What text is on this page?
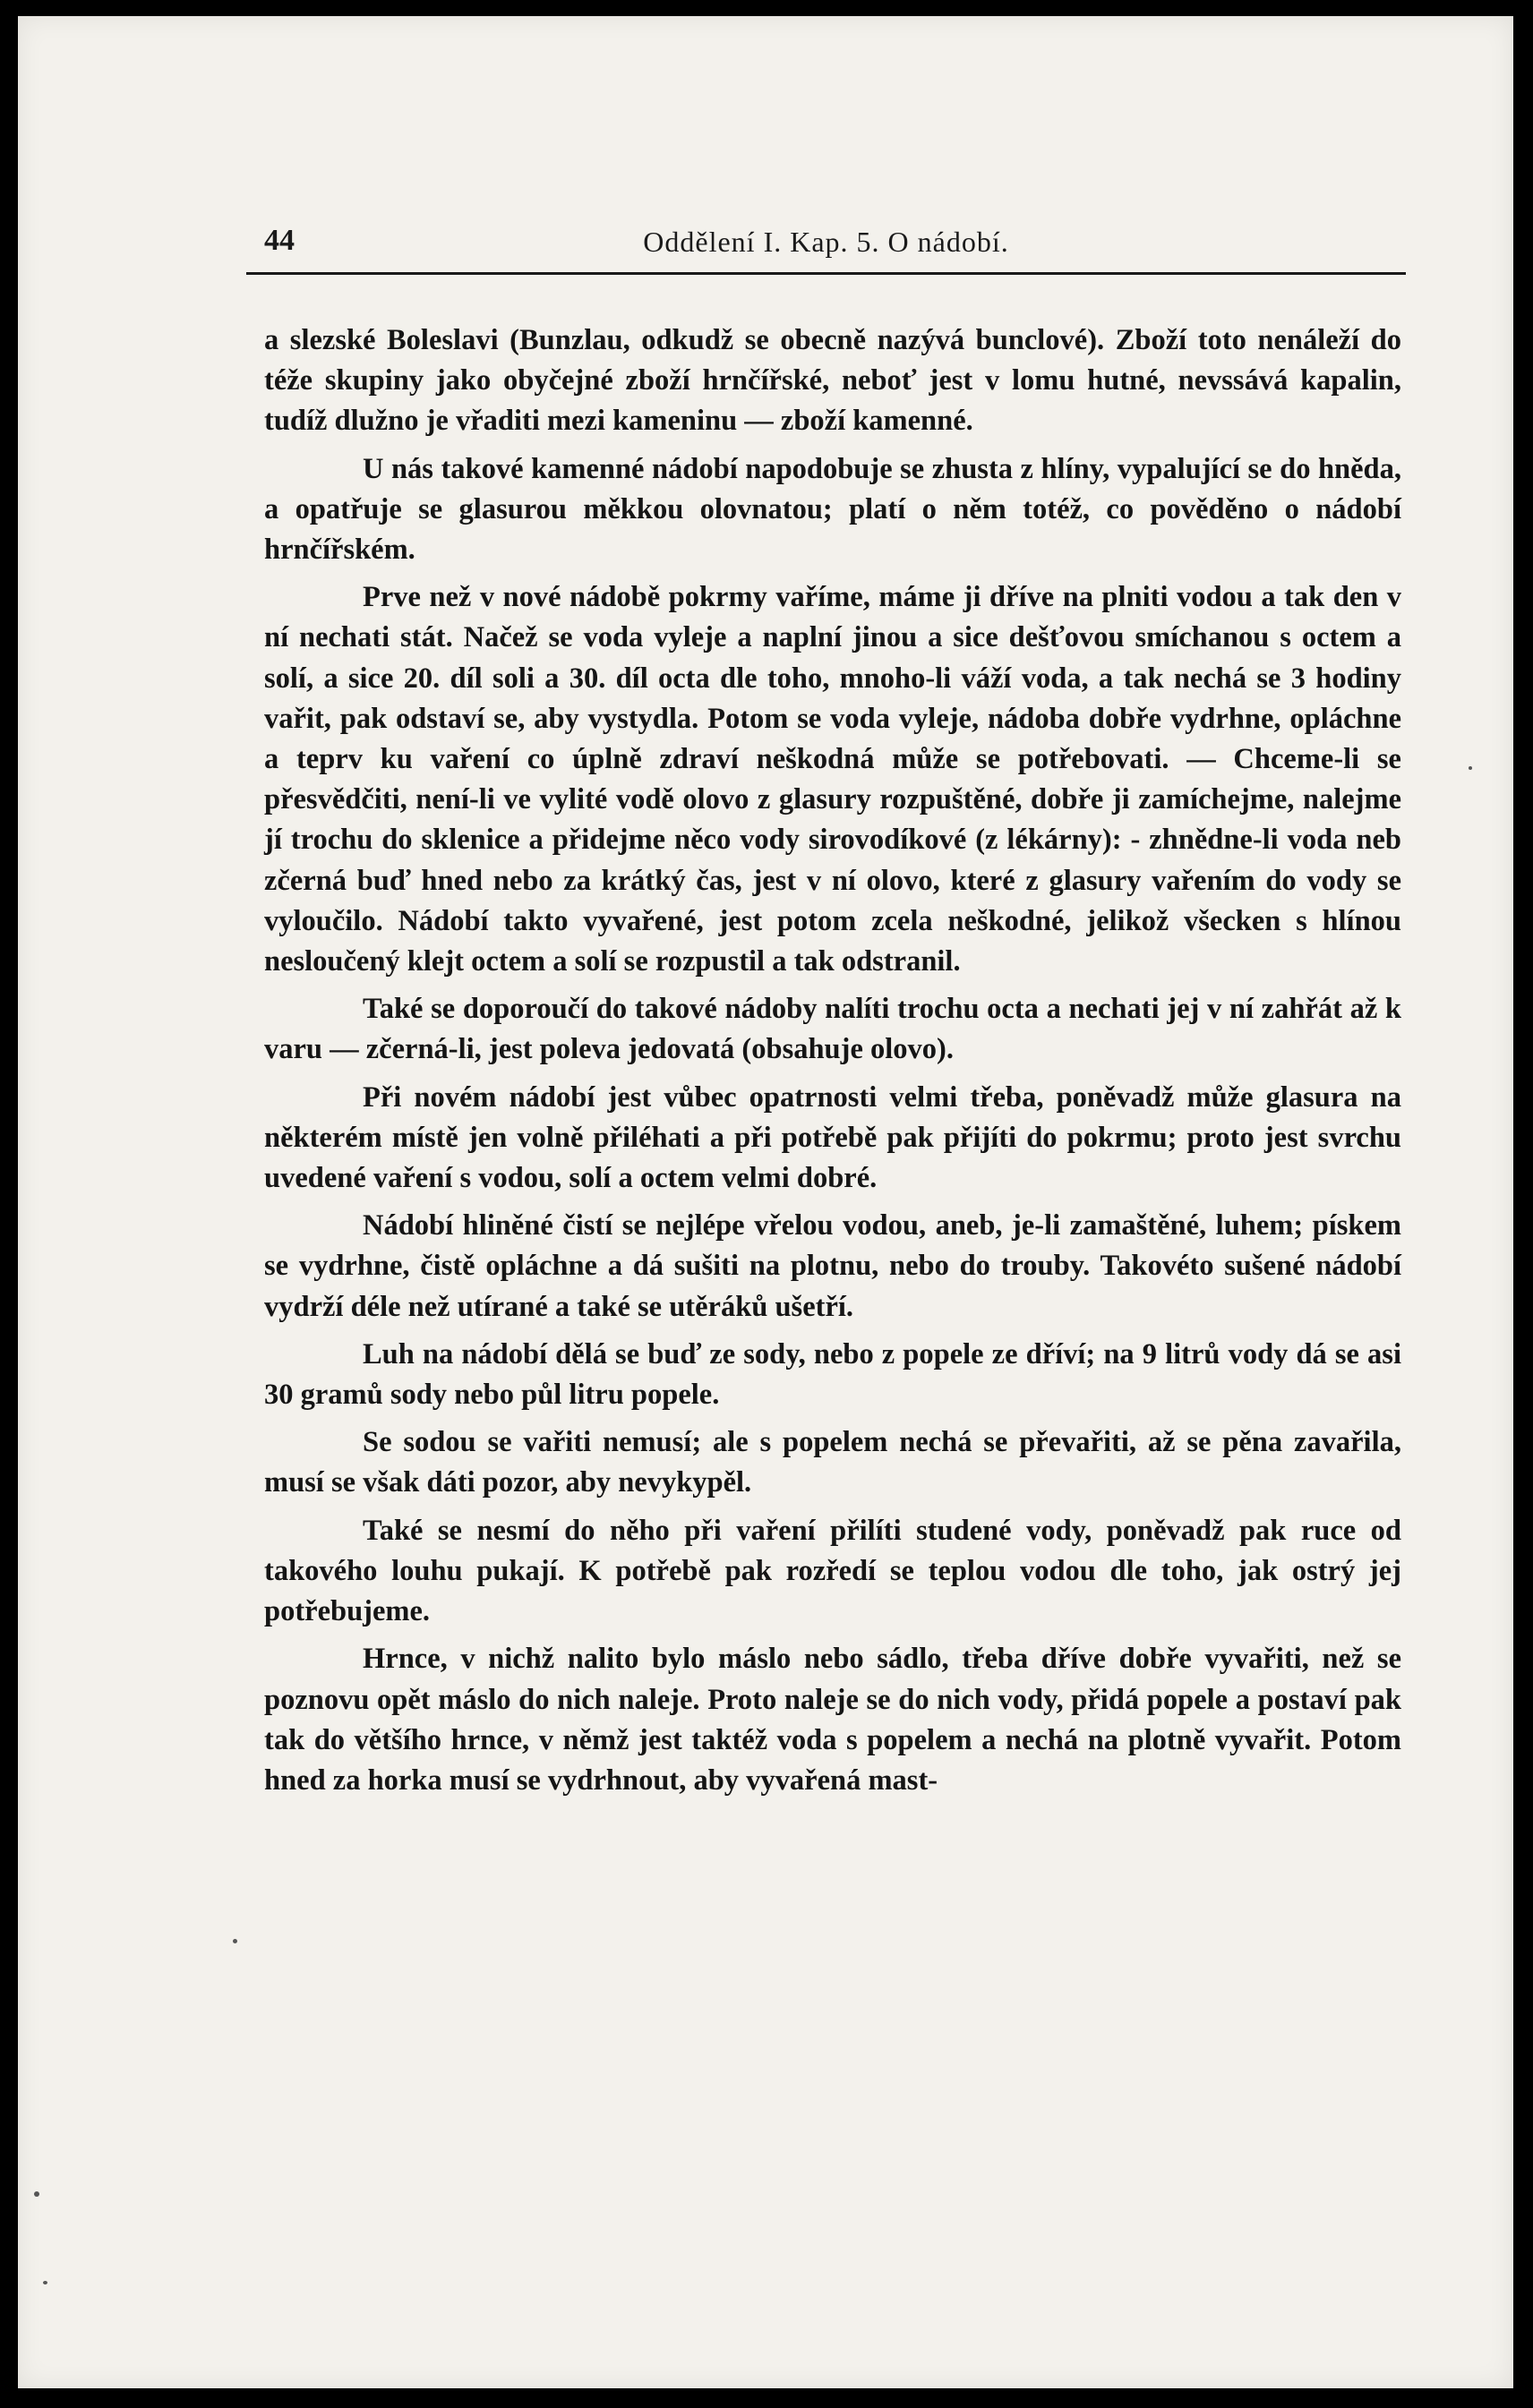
44	Oddělení I. Kap. 5. O nádobí.

a slezské Boleslavi (Bunzlau, odkudž se obecně nazývá bunclové). Zboží toto nenáleží do téže skupiny jako obyčejné zboží hrnčířské, neboť jest v lomu hutné, nevssává kapalin, tudíž dlužno je vřaditi mezi kameninu — zboží kamenné.

U nás takové kamenné nádobí napodobuje se zhusta z hlíny, vypalující se do hněda, a opatřuje se glasurou měkkou olovnatou; platí o něm totéž, co pověděno o nádobí hrnčířském.

Prve než v nové nádobě pokrmy vaříme, máme ji dříve na plniti vodou a tak den v ní nechati stát. Načež se voda vyleje a naplní jinou a sice dešťovou smíchanou s octem a solí, a sice 20. díl soli a 30. díl octa dle toho, mnoho-li váží voda, a tak nechá se 3 hodiny vařit, pak odstaví se, aby vystydla. Potom se voda vyleje, nádoba dobře vydrhne, opláchne a teprv ku vaření co úplně zdraví neškodná může se potřebovati. — Chceme-li se přesvědčiti, není-li ve vylité vodě olovo z glasury rozpuštěné, dobře ji zamíchejme, nalejme jí trochu do sklenice a přidejme něco vody sirovodíkové (z lékárny): - zhnědne-li voda neb zčerná buď hned nebo za krátký čas, jest v ní olovo, které z glasury vařením do vody se vyloučilo. Nádobí takto vyvařené, jest potom zcela neškodné, jelikož všecken s hlínou nesloučený klejt octem a solí se rozpustil a tak odstranil.

Také se doporoučí do takové nádoby nalíti trochu octa a nechati jej v ní zahřát až k varu — zčerná-li, jest poleva jedovatá (obsahuje olovo).

Při novém nádobí jest vůbec opatrnosti velmi třeba, poněvadž může glasura na některém místě jen volně přiléhati a při potřebě pak přijíti do pokrmu; proto jest svrchu uvedené vaření s vodou, solí a octem velmi dobré.

Nádobí hliněné čistí se nejlépe vřelou vodou, aneb, je-li zamaštěné, luhem; pískem se vydrhne, čistě opláchne a dá sušiti na plotnu, nebo do trouby. Takovéto sušené nádobí vydrží déle než utírané a také se utěráků ušetří.

Luh na nádobí dělá se buď ze sody, nebo z popele ze dříví; na 9 litrů vody dá se asi 30 gramů sody nebo půl litru popele.

Se sodou se vařiti nemusí; ale s popelem nechá se převařiti, až se pěna zavařila, musí se však dáti pozor, aby nevykypěl.

Také se nesmí do něho při vaření přilíti studené vody, poněvadž pak ruce od takového louhu pukají. K potřebě pak rozředí se teplou vodou dle toho, jak ostrý jej potřebujeme.

Hrnce, v nichž nalito bylo máslo nebo sádlo, třeba dříve dobře vyvařiti, než se poznovu opět máslo do nich naleje. Proto naleje se do nich vody, přidá popele a postaví pak tak do většího hrnce, v němž jest taktéž voda s popelem a nechá na plotně vyvařit. Potom hned za horka musí se vydrhnout, aby vyvařená mast-
